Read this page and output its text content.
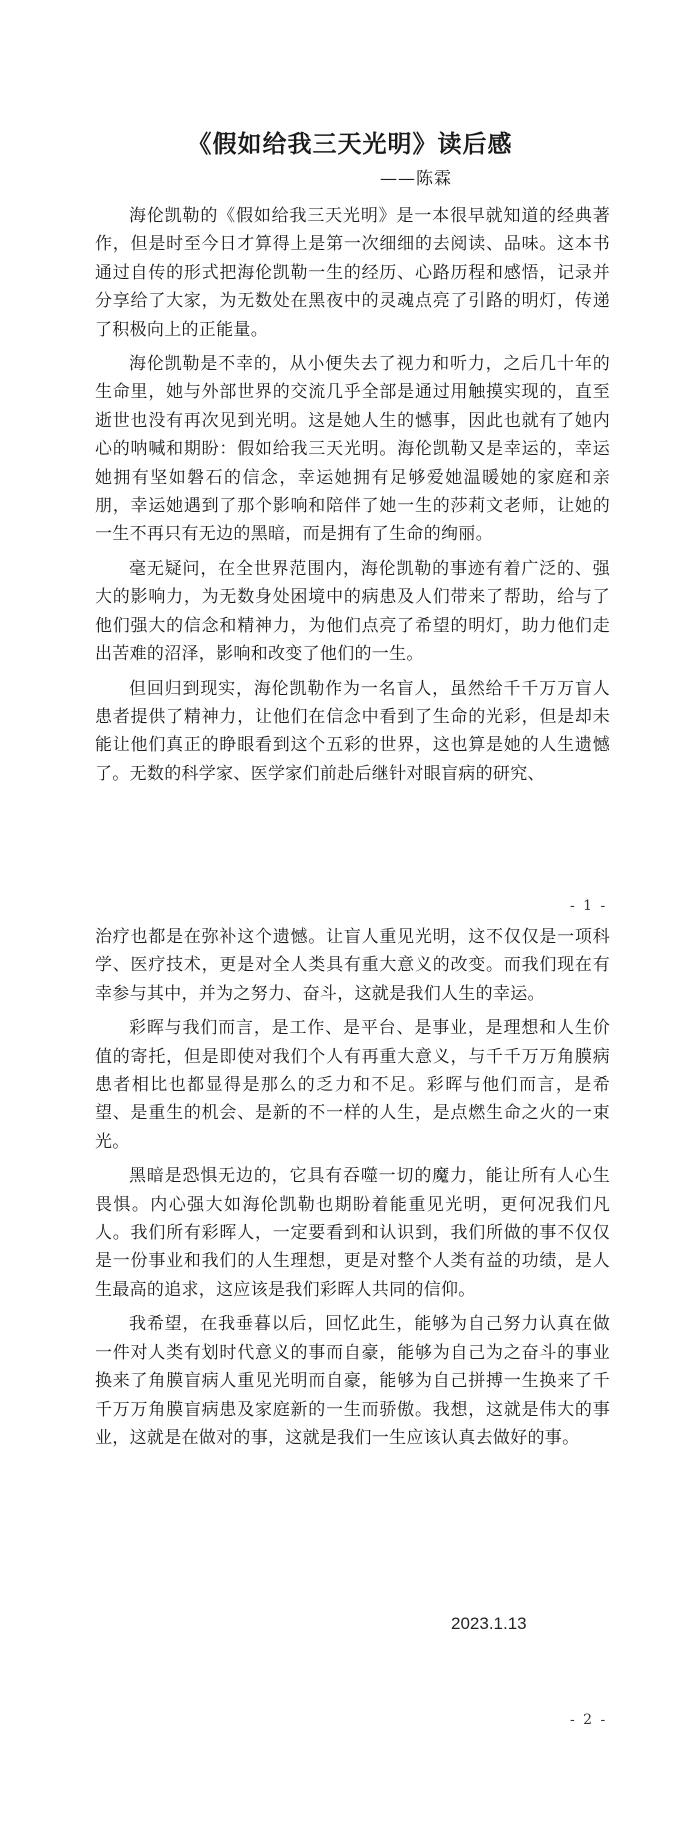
《假如给我三天光明》读后感
——陈霖

海伦凯勒的《假如给我三天光明》是一本很早就知道的经典著作，但是时至今日才算得上是第一次细细的去阅读、品味。这本书通过自传的形式把海伦凯勒一生的经历、心路历程和感悟，记录并分享给了大家，为无数处在黑夜中的灵魂点亮了引路的明灯，传递了积极向上的正能量。

海伦凯勒是不幸的，从小便失去了视力和听力，之后几十年的生命里，她与外部世界的交流几乎全部是通过用触摸实现的，直至逝世也没有再次见到光明。这是她人生的憾事，因此也就有了她内心的呐喊和期盼：假如给我三天光明。海伦凯勒又是幸运的，幸运她拥有坚如磐石的信念，幸运她拥有足够爱她温暖她的家庭和亲朋，幸运她遇到了那个影响和陪伴了她一生的莎莉文老师，让她的一生不再只有无边的黑暗，而是拥有了生命的绚丽。

毫无疑问，在全世界范围内，海伦凯勒的事迹有着广泛的、强大的影响力，为无数身处困境中的病患及人们带来了帮助，给与了他们强大的信念和精神力，为他们点亮了希望的明灯，助力他们走出苦难的沼泽，影响和改变了他们的一生。

但回归到现实，海伦凯勒作为一名盲人，虽然给千千万万盲人患者提供了精神力，让他们在信念中看到了生命的光彩，但是却未能让他们真正的睁眼看到这个五彩的世界，这也算是她的人生遗憾了。无数的科学家、医学家们前赴后继针对眼盲病的研究、

- 1 -

治疗也都是在弥补这个遗憾。让盲人重见光明，这不仅仅是一项科学、医疗技术，更是对全人类具有重大意义的改变。而我们现在有幸参与其中，并为之努力、奋斗，这就是我们人生的幸运。

彩晖与我们而言，是工作、是平台、是事业，是理想和人生价值的寄托，但是即使对我们个人有再重大意义，与千千万万角膜病患者相比也都显得是那么的乏力和不足。彩晖与他们而言，是希望、是重生的机会、是新的不一样的人生，是点燃生命之火的一束光。

黑暗是恐惧无边的，它具有吞噬一切的魔力，能让所有人心生畏惧。内心强大如海伦凯勒也期盼着能重见光明，更何况我们凡人。我们所有彩晖人，一定要看到和认识到，我们所做的事不仅仅是一份事业和我们的人生理想，更是对整个人类有益的功绩，是人生最高的追求，这应该是我们彩晖人共同的信仰。

我希望，在我垂暮以后，回忆此生，能够为自己努力认真在做一件对人类有划时代意义的事而自豪，能够为自己为之奋斗的事业换来了角膜盲病人重见光明而自豪，能够为自己拼搏一生换来了千千万万角膜盲病患及家庭新的一生而骄傲。我想，这就是伟大的事业，这就是在做对的事，这就是我们一生应该认真去做好的事。

2023.1.13
- 2 -
